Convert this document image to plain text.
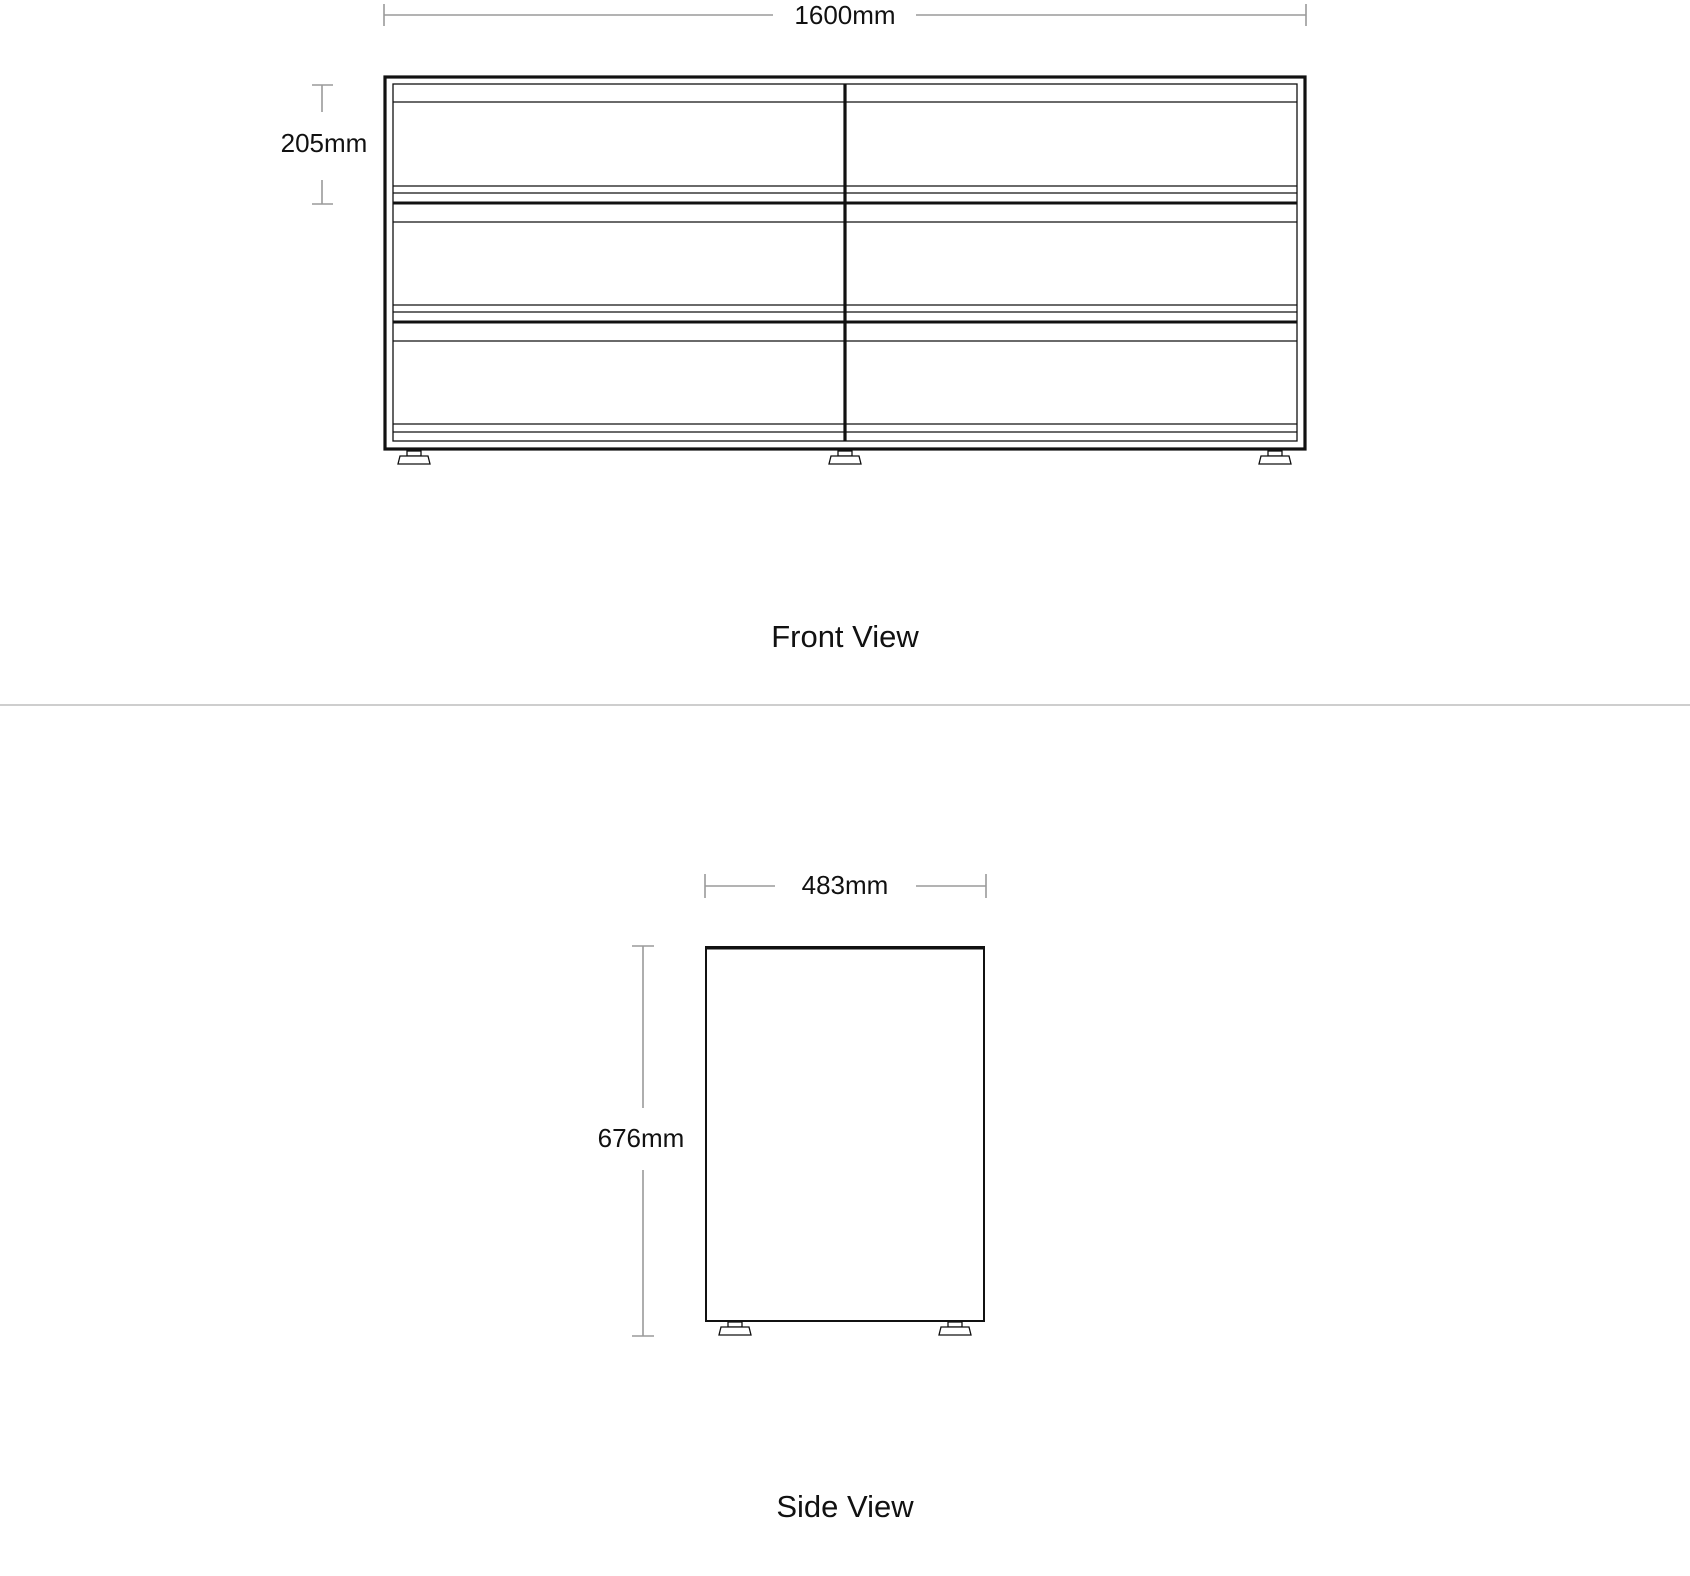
1600mm
205mm
Front View
483mm
676mm
Side View
